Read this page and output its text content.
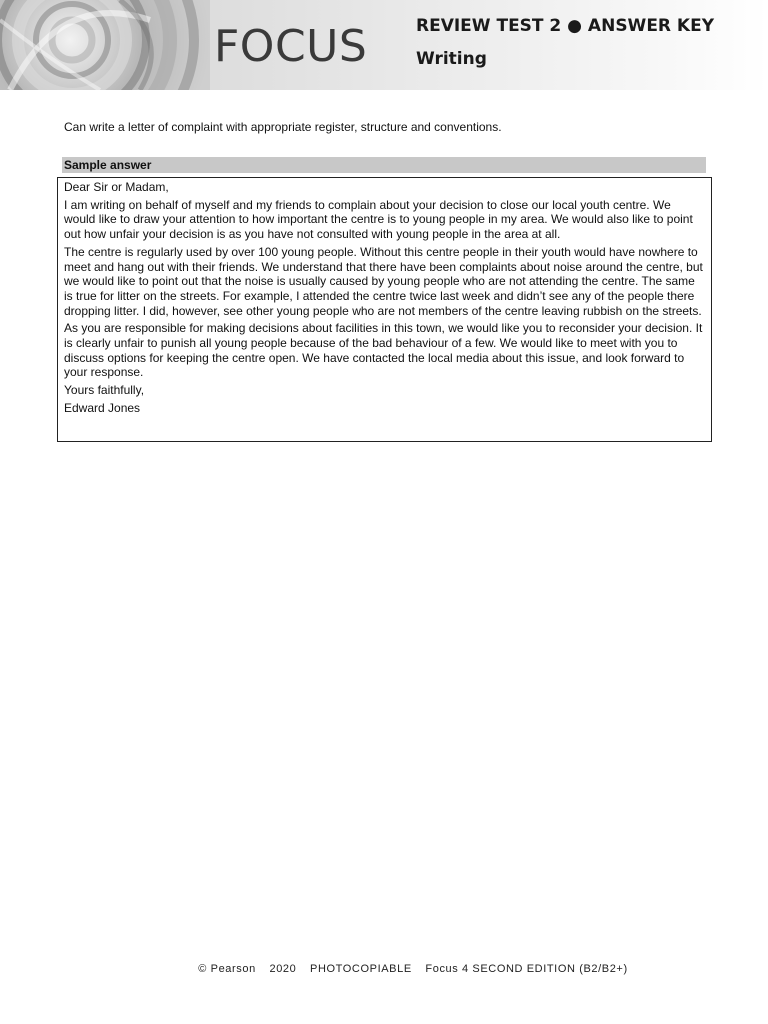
FOCUS	REVIEW TEST 2 ● ANSWER KEY
Writing
Can write a letter of complaint with appropriate register, structure and conventions.
Sample answer

Dear Sir or Madam,

I am writing on behalf of myself and my friends to complain about your decision to close our local youth centre. We would like to draw your attention to how important the centre is to young people in my area. We would also like to point out how unfair your decision is as you have not consulted with young people in the area at all.

The centre is regularly used by over 100 young people. Without this centre people in their youth would have nowhere to meet and hang out with their friends. We understand that there have been complaints about noise around the centre, but we would like to point out that the noise is usually caused by young people who are not attending the centre. The same is true for litter on the streets. For example, I attended the centre twice last week and didn’t see any of the people there dropping litter. I did, however, see other young people who are not members of the centre leaving rubbish on the streets.

As you are responsible for making decisions about facilities in this town, we would like you to reconsider your decision. It is clearly unfair to punish all young people because of the bad behaviour of a few. We would like to meet with you to discuss options for keeping the centre open. We have contacted the local media about this issue, and look forward to your response.

Yours faithfully,

Edward Jones

© Pearson 2020 PHOTOCOPIABLE Focus 4 SECOND EDITION (B2/B2+)
